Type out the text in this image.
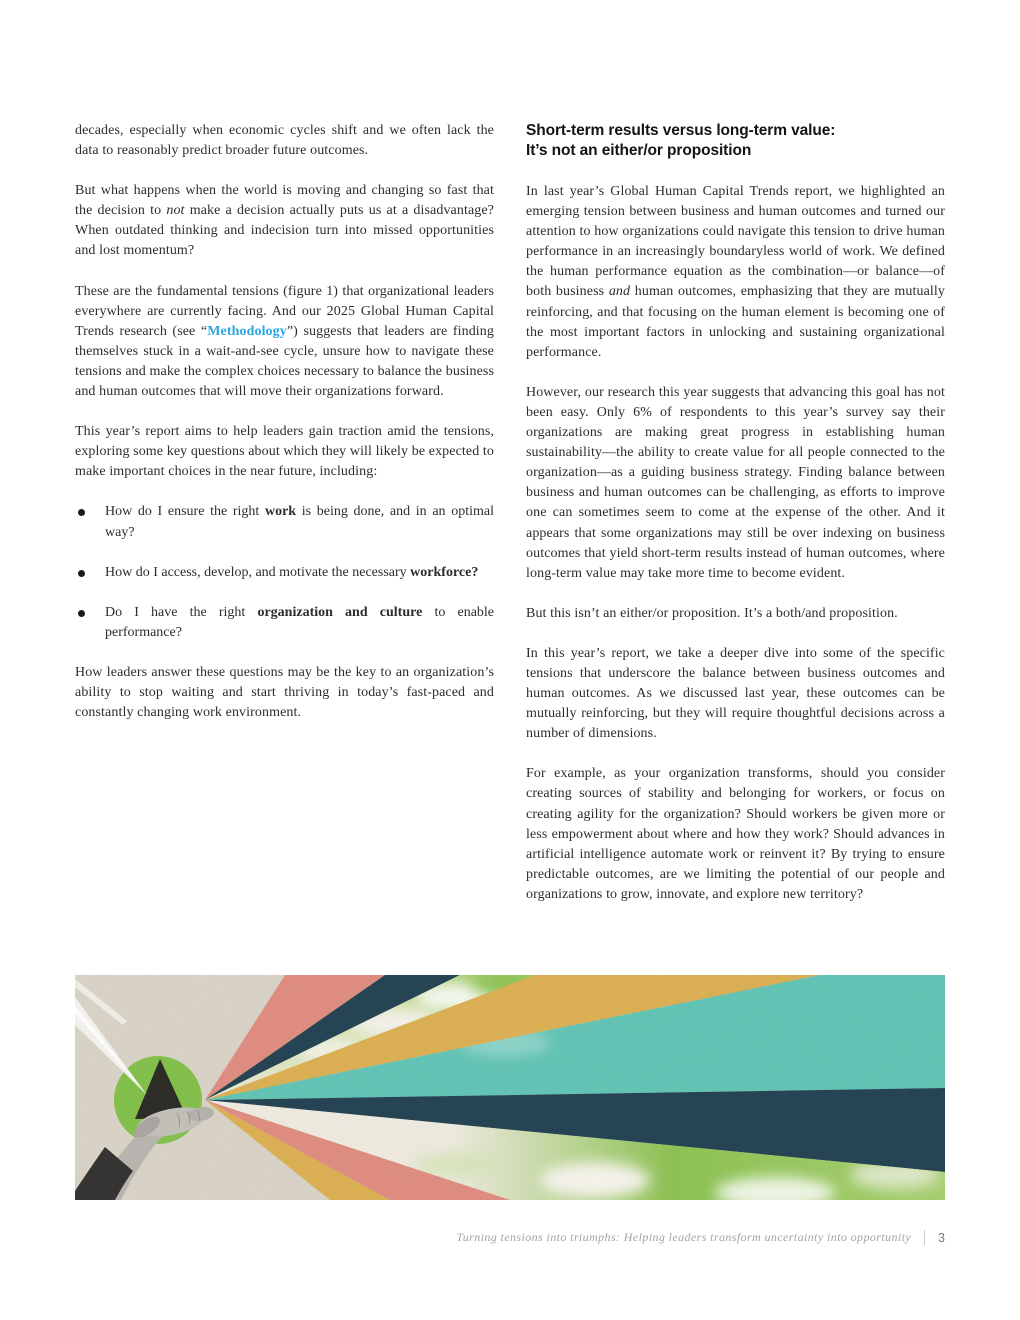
decades, especially when economic cycles shift and we often lack the data to reasonably predict broader future outcomes.

But what happens when the world is moving and changing so fast that the decision to not make a decision actually puts us at a disadvantage? When outdated thinking and indecision turn into missed opportunities and lost momentum?

These are the fundamental tensions (figure 1) that organizational leaders everywhere are currently facing. And our 2025 Global Human Capital Trends research (see “Methodology”) suggests that leaders are finding themselves stuck in a wait-and-see cycle, unsure how to navigate these tensions and make the complex choices necessary to balance the business and human outcomes that will move their organizations forward.

This year’s report aims to help leaders gain traction amid the tensions, exploring some key questions about which they will likely be expected to make important choices in the near future, including:

How do I ensure the right work is being done, and in an optimal way?
How do I access, develop, and motivate the necessary workforce?
Do I have the right organization and culture to enable performance?

How leaders answer these questions may be the key to an organization’s ability to stop waiting and start thriving in today’s fast-paced and constantly changing work environment.

Short-term results versus long-term value:
It’s not an either/or proposition

In last year’s Global Human Capital Trends report, we highlighted an emerging tension between business and human outcomes and turned our attention to how organizations could navigate this tension to drive human performance in an increasingly boundaryless world of work. We defined the human performance equation as the combination—or balance—of both business and human outcomes, emphasizing that they are mutually reinforcing, and that focusing on the human element is becoming one of the most important factors in unlocking and sustaining organizational performance.

However, our research this year suggests that advancing this goal has not been easy. Only 6% of respondents to this year’s survey say their organizations are making great progress in establishing human sustainability—the ability to create value for all people connected to the organization—as a guiding business strategy. Finding balance between business and human outcomes can be challenging, as efforts to improve one can sometimes seem to come at the expense of the other. And it appears that some organizations may still be over indexing on business outcomes that yield short-term results instead of human outcomes, where long-term value may take more time to become evident.

But this isn’t an either/or proposition. It’s a both/and proposition.

In this year’s report, we take a deeper dive into some of the specific tensions that underscore the balance between business outcomes and human outcomes. As we discussed last year, these outcomes can be mutually reinforcing, but they will require thoughtful decisions across a number of dimensions.

For example, as your organization transforms, should you consider creating sources of stability and belonging for workers, or focus on creating agility for the organization? Should workers be given more or less empowerment about where and how they work? Should advances in artificial intelligence automate work or reinvent it? By trying to ensure predictable outcomes, are we limiting the potential of our people and organizations to grow, innovate, and explore new territory?

Turning tensions into triumphs: Helping leaders transform uncertainty into opportunity 3
